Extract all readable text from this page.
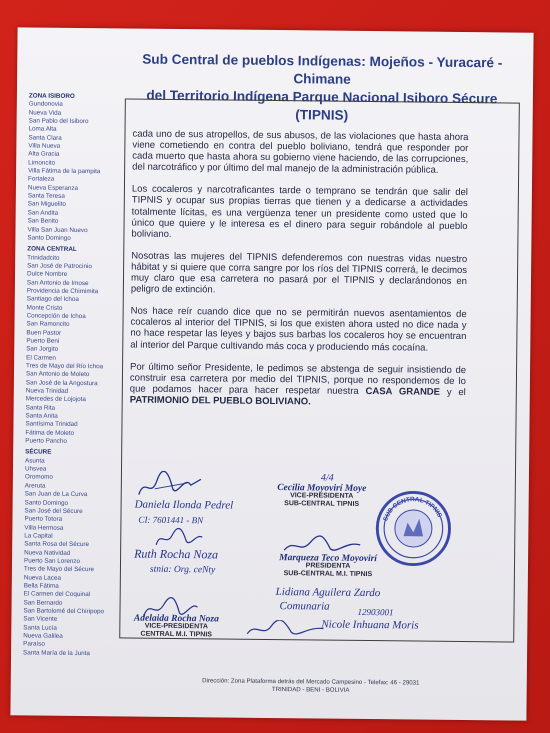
Sub Central de pueblos Indígenas: Mojeños - Yuracaré - Chimane
del Territorio Indígena Parque Nacional Isiboro Sécure (TIPNIS)
ZONA ISIBORO
Gundonovia
Nueva Vida
San Pablo del Isiboro
Loma Alta
Santa Clara
Villa Nueva
Alta Gracia
Limoncito
Villa Fátima de la pampita
Fortaleza
Nueva Esperanza
Santa Teresa
San Miguelito
San Andita
San Benito
Villa San Juan Nuevo
Santo Domingo
ZONA CENTRAL
Trinidadcito
San José de Patrocinio
Dulce Nombre
San Antonio de Imose
Providencia de Chimimita
Santiago del Ichoa
Monte Cristo
Concepción de Ichoa
San Ramoncito
Buen Pastor
Puerto Beni
San Jorgito
El Carmen
Tres de Mayo del Río Ichoa
San Antonio de Moleto
San José de la Angostura
Nueva Trinidad
Mercedes de Lojojota
Santa Rita
Santa Anita
Santísima Trinidad
Fátima de Moleto
Puerto Pancho
SÉCURE
Asunta
Uhsvea
Oromomo
Areruta
San Juan de La Curva
Santo Domingo
San José del Sécure
Puerto Totora
Villa Hermosa
La Capital
Santa Rosa del Sécure
Nueva Natividad
Puerto San Lorenzo
Tres de Mayo del Sécure
Nueva Lacea
Bella Fátima
El Carmen del Coquinal
San Bernardo
San Bartolomé del Chiripopo
San Vicente
Santa Lucía
Nueva Galilea
Paraíso
Santa María de la Junta

cada uno de sus atropellos, de sus abusos, de las violaciones que hasta ahora viene cometiendo en contra del pueblo boliviano, tendrá que responder por cada muerto que hasta ahora su gobierno viene haciendo, de las corrupciones, del narcotráfico y por último del mal manejo de la administración pública.

Los cocaleros y narcotraficantes tarde o temprano se tendrán que salir del TIPNIS y ocupar sus propias tierras que tienen y a dedicarse a actividades totalmente lícitas, es una vergüenza tener un presidente como usted que lo único que quiere y le interesa es el dinero para seguir robándole al pueblo boliviano.

Nosotras las mujeres del TIPNIS defenderemos con nuestras vidas nuestro hábitat y si quiere que corra sangre por los ríos del TIPNIS correrá, le decimos muy claro que esa carretera no pasará por el TIPNIS y declarándonos en peligro de extinción.

Nos hace reír cuando dice que no se permitirán nuevos asentamientos de cocaleros al interior del TIPNIS, si los que existen ahora usted no dice nada y no hace respetar las leyes y bajos sus barbas los cocaleros hoy se encuentran al interior del Parque cultivando más coca y produciendo más cocaína.

Por último señor Presidente, le pedimos se abstenga de seguir insistiendo de construir esa carretera por medio del TIPNIS, porque no respondemos de lo que podamos hacer para hacer respetar nuestra CASA GRANDE y el PATRIMONIO DEL PUEBLO BOLIVIANO.

Daniela Ilonda Pedrel
CI: 7601441 - BN
Ruth Rocha Noza
stnia: Org. ceNty
Adelaida Rocha Noza
VICE-PRESIDENTA
CENTRAL M.I. TIPNIS
4/4
Cecilia Moyovirí Moye
VICE-PRESIDENTA
SUB-CENTRAL TIPNIS
Marqueza Teco Moyovirí
PRESIDENTA
SUB-CENTRAL M.I. TIPNIS
Lidiana Aguilera Zardo
Comunaria
Nicole Inhuana Moris
12903001
SUB CENTRAL TIPNIS
Dirección: Zona Plataforma detrás del Mercado Campesino - Telefax: 46 - 29031
TRINIDAD - BENI - BOLIVIA
